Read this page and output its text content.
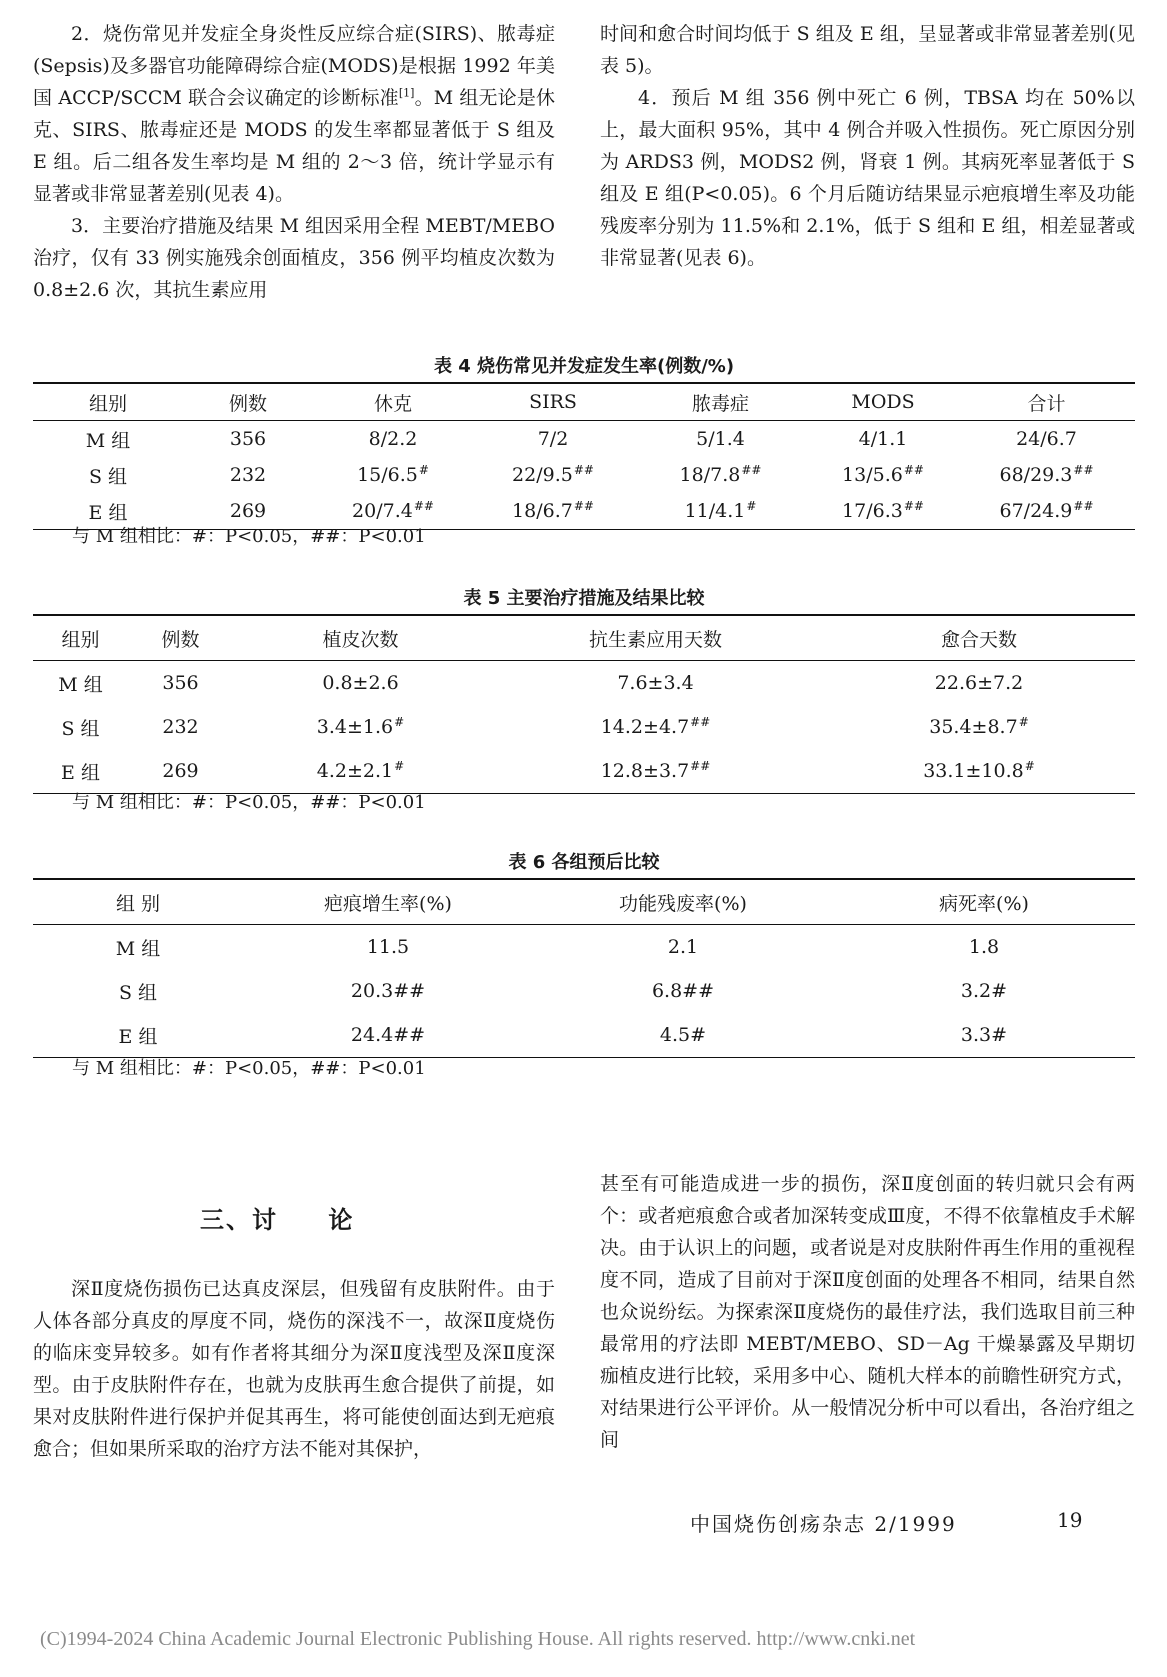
2．烧伤常见并发症全身炎性反应综合症(SIRS)、脓毒症(Sepsis)及多器官功能障碍综合症(MODS)是根据 1992 年美国 ACCP/SCCM 联合会议确定的诊断标准[1]。M 组无论是休克、SIRS、脓毒症还是 MODS 的发生率都显著低于 S 组及 E 组。后二组各发生率均是 M 组的 2～3 倍，统计学显示有显著或非常显著差别(见表 4)。

3．主要治疗措施及结果 M 组因采用全程 MEBT/MEBO 治疗，仅有 33 例实施残余创面植皮，356 例平均植皮次数为 0.8±2.6 次，其抗生素应用

时间和愈合时间均低于 S 组及 E 组，呈显著或非常显著差别(见表 5)。

4．预后 M 组 356 例中死亡 6 例，TBSA 均在 50%以上，最大面积 95%，其中 4 例合并吸入性损伤。死亡原因分别为 ARDS3 例，MODS2 例，肾衰 1 例。其病死率显著低于 S 组及 E 组(P<0.05)。6 个月后随访结果显示疤痕增生率及功能残废率分别为 11.5%和 2.1%，低于 S 组和 E 组，相差显著或非常显著(见表 6)。

表 4 烧伤常见并发症发生率(例数/%)
组别	例数	休克	SIRS	脓毒症	MODS	合计
M 组	356	8/2.2	7/2	5/1.4	4/1.1	24/6.7
S 组	232	15/6.5#	22/9.5##	18/7.8##	13/5.6##	68/29.3##
E 组	269	20/7.4##	18/6.7##	11/4.1#	17/6.3##	67/24.9##
与 M 组相比：#：P<0.05，##：P<0.01
表 5 主要治疗措施及结果比较
组别	例数	植皮次数	抗生素应用天数	愈合天数
M 组	356	0.8±2.6	7.6±3.4	22.6±7.2
S 组	232	3.4±1.6#	14.2±4.7##	35.4±8.7#
E 组	269	4.2±2.1#	12.8±3.7##	33.1±10.8#
与 M 组相比：#：P<0.05，##：P<0.01
表 6 各组预后比较
组 别	疤痕增生率(%)	功能残废率(%)	病死率(%)
M 组	11.5	2.1	1.8
S 组	20.3##	6.8##	3.2#
E 组	24.4##	4.5#	3.3#
与 M 组相比：#：P<0.05，##：P<0.01
三、讨 论

深Ⅱ度烧伤损伤已达真皮深层，但残留有皮肤附件。由于人体各部分真皮的厚度不同，烧伤的深浅不一，故深Ⅱ度烧伤的临床变异较多。如有作者将其细分为深Ⅱ度浅型及深Ⅱ度深型。由于皮肤附件存在，也就为皮肤再生愈合提供了前提，如果对皮肤附件进行保护并促其再生，将可能使创面达到无疤痕愈合；但如果所采取的治疗方法不能对其保护，

甚至有可能造成进一步的损伤，深Ⅱ度创面的转归就只会有两个：或者疤痕愈合或者加深转变成Ⅲ度，不得不依靠植皮手术解决。由于认识上的问题，或者说是对皮肤附件再生作用的重视程度不同，造成了目前对于深Ⅱ度创面的处理各不相同，结果自然也众说纷纭。为探索深Ⅱ度烧伤的最佳疗法，我们选取目前三种最常用的疗法即 MEBT/MEBO、SD－Ag 干燥暴露及早期切痂植皮进行比较，采用多中心、随机大样本的前瞻性研究方式，对结果进行公平评价。从一般情况分析中可以看出，各治疗组之间

中国烧伤创疡杂志 2/1999	19
(C)1994-2024 China Academic Journal Electronic Publishing House. All rights reserved. http://www.cnki.net
